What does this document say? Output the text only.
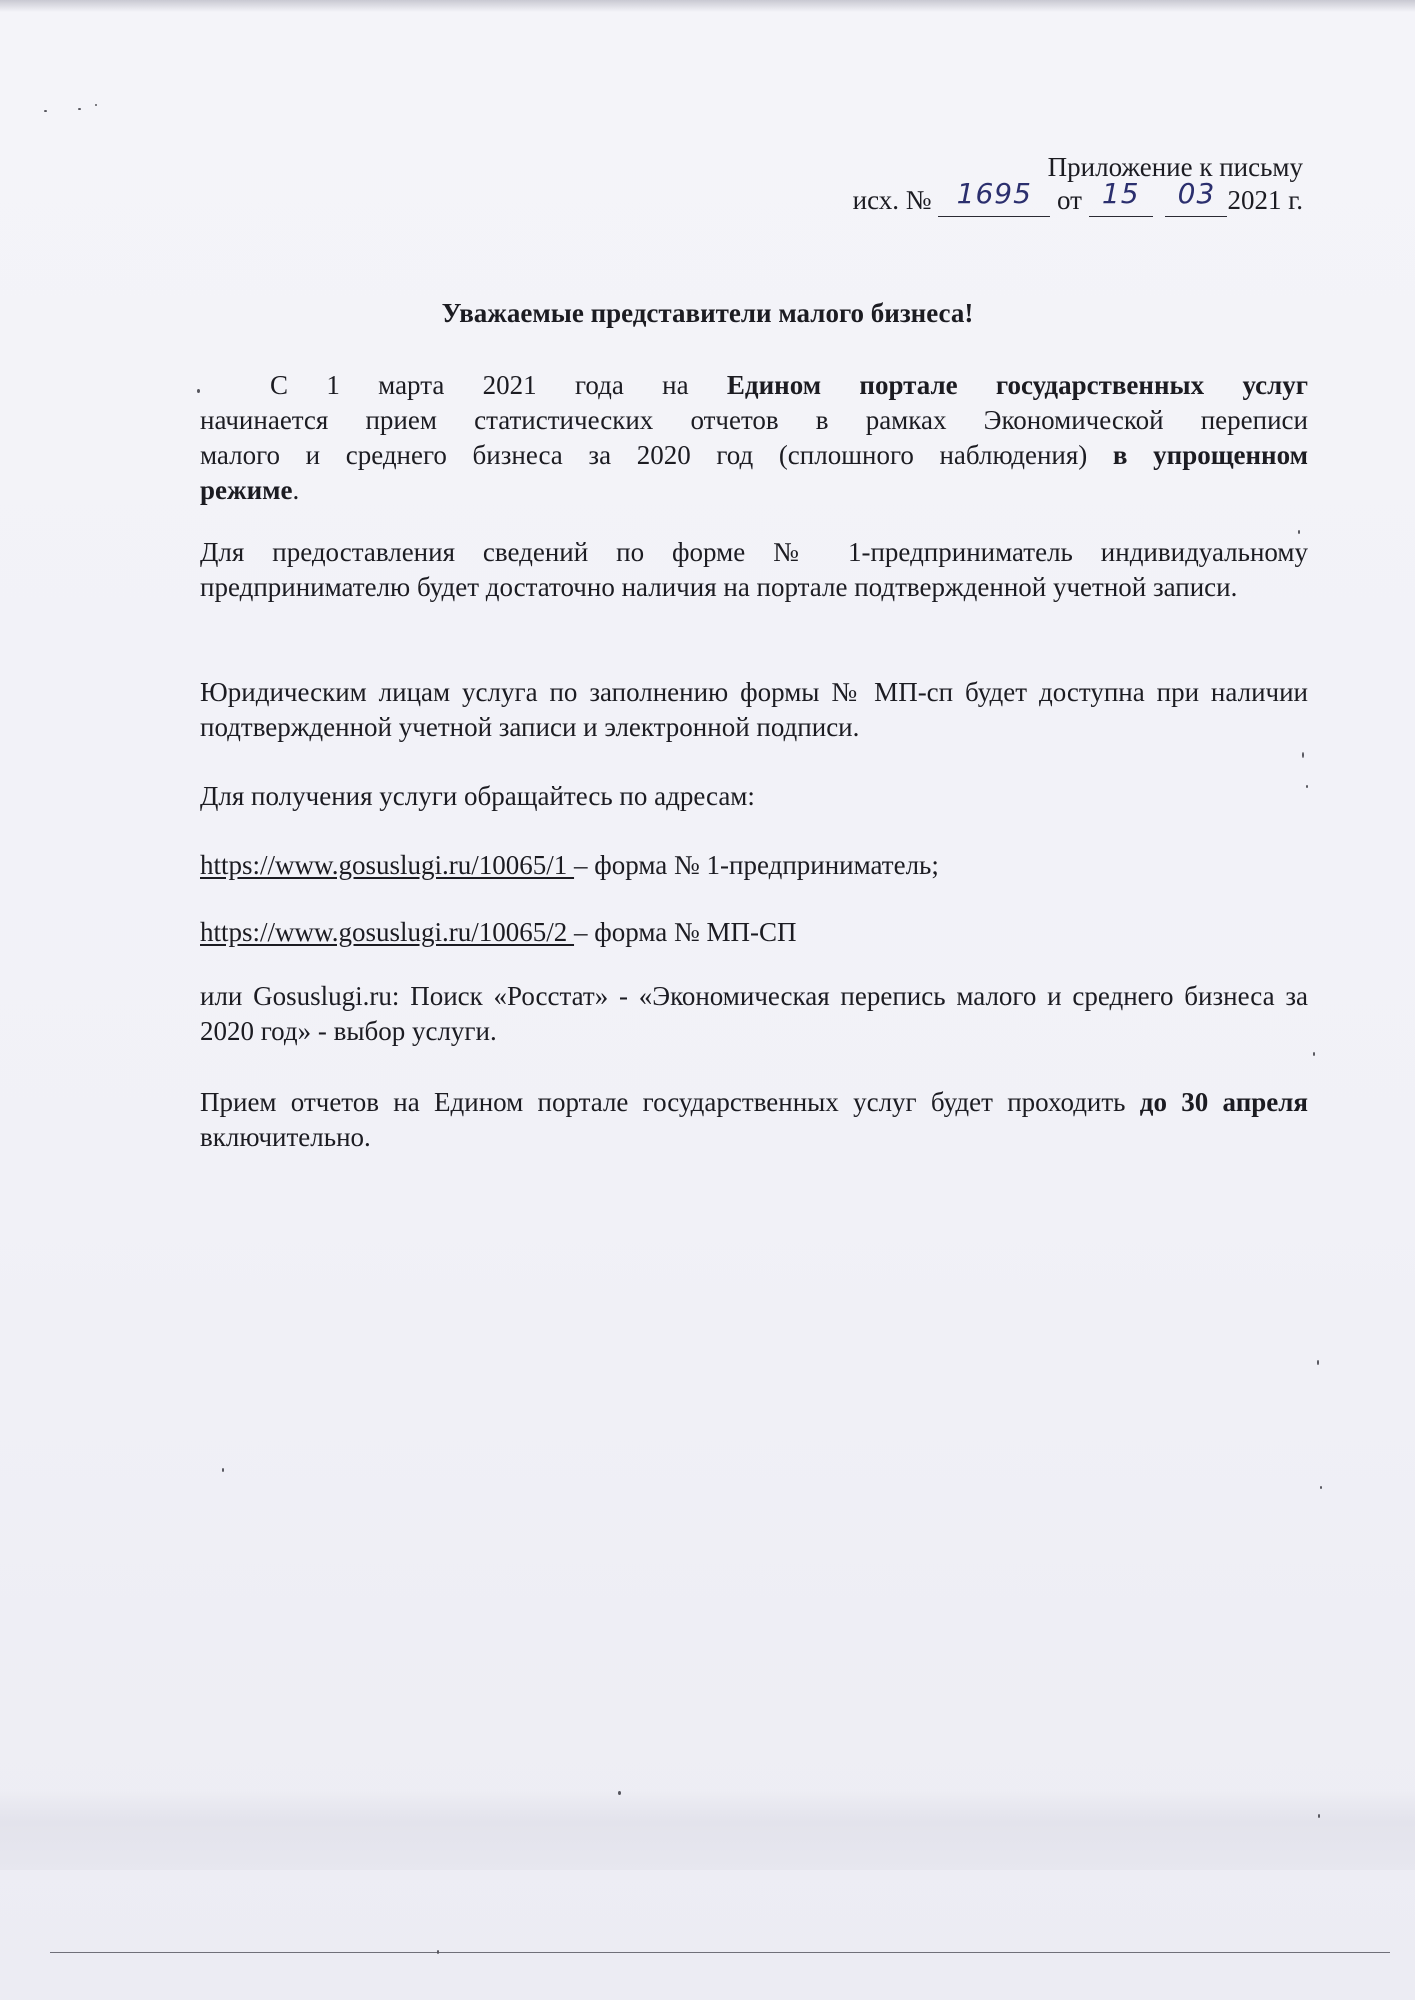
Приложение к письму
исх. № 1695 от 15 03 2021 г.
Уважаемые представители малого бизнеса!
С 1 марта 2021 года на Едином портале государственных услуг
начинается прием статистических отчетов в рамках Экономической переписи
малого и среднего бизнеса за 2020 год (сплошного наблюдения) в упрощенном
режиме.
Для предоставления сведений по форме № 1-предприниматель индивидуальному предпринимателю будет достаточно наличия на портале подтвержденной учетной записи.
Юридическим лицам услуга по заполнению формы № МП-сп будет доступна при наличии подтвержденной учетной записи и электронной подписи.
Для получения услуги обращайтесь по адресам:
https://www.gosuslugi.ru/10065/1 – форма № 1-предприниматель;
https://www.gosuslugi.ru/10065/2 – форма № МП-СП
или Gosuslugi.ru: Поиск «Росстат» - «Экономическая перепись малого и среднего бизнеса за 2020 год» - выбор услуги.
Прием отчетов на Едином портале государственных услуг будет проходить до 30 апреля включительно.
